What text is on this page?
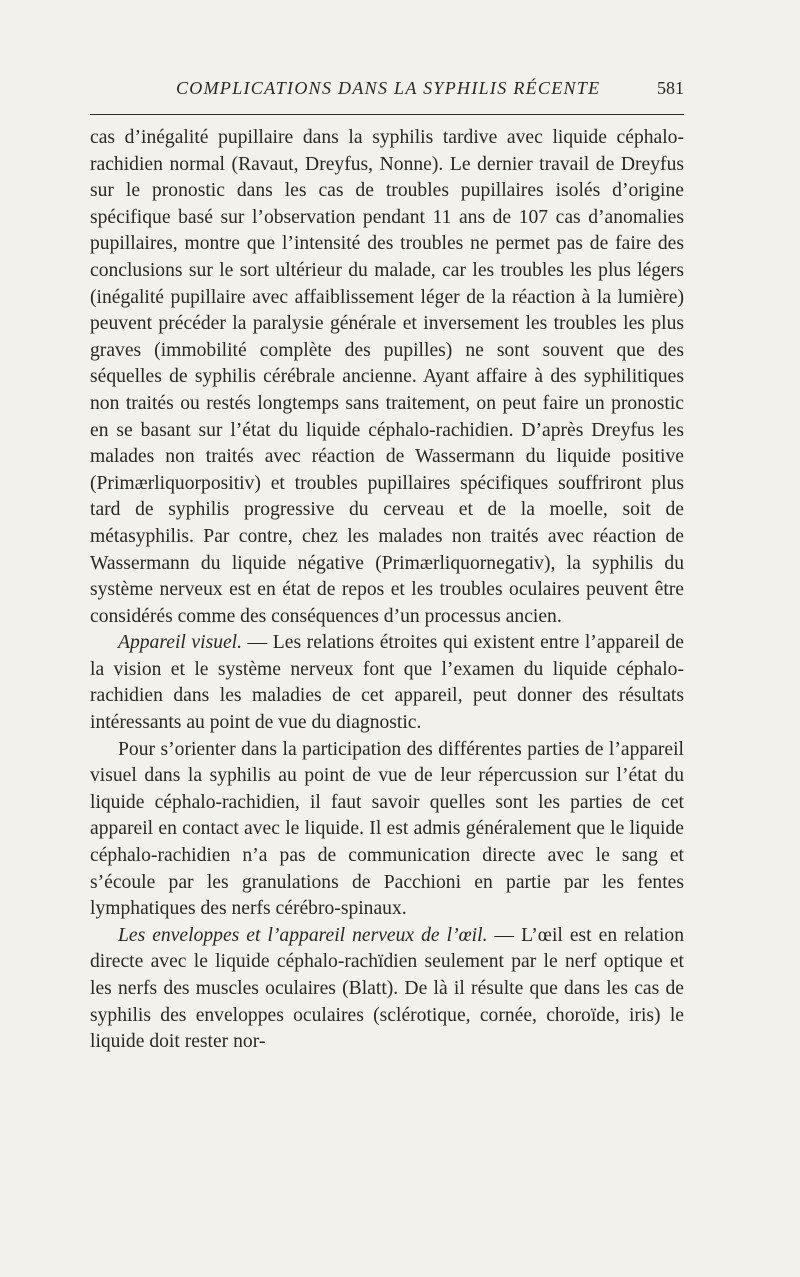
COMPLICATIONS DANS LA SYPHILIS RÉCENTE	581

cas d’inégalité pupillaire dans la syphilis tardive avec liquide céphalo-rachidien normal (Ravaut, Dreyfus, Nonne). Le dernier travail de Dreyfus sur le pronostic dans les cas de troubles pupillaires isolés d’origine spécifique basé sur l’observation pendant 11 ans de 107 cas d’anomalies pupillaires, montre que l’intensité des troubles ne permet pas de faire des conclusions sur le sort ultérieur du malade, car les troubles les plus légers (inégalité pupillaire avec affaiblissement léger de la réaction à la lumière) peuvent précéder la paralysie générale et inversement les troubles les plus graves (immobilité complète des pupilles) ne sont souvent que des séquelles de syphilis cérébrale ancienne. Ayant affaire à des syphilitiques non traités ou restés longtemps sans traitement, on peut faire un pronostic en se basant sur l’état du liquide céphalo-rachidien. D’après Dreyfus les malades non traités avec réaction de Wassermann du liquide positive (Primærliquorpositiv) et troubles pupillaires spécifiques souffriront plus tard de syphilis progressive du cerveau et de la moelle, soit de métasyphilis. Par contre, chez les malades non traités avec réaction de Wassermann du liquide négative (Primærliquornegativ), la syphilis du système nerveux est en état de repos et les troubles oculaires peuvent être considérés comme des conséquences d’un processus ancien.

Appareil visuel. — Les relations étroites qui existent entre l’appareil de la vision et le système nerveux font que l’examen du liquide céphalo-rachidien dans les maladies de cet appareil, peut donner des résultats intéressants au point de vue du diagnostic.

Pour s’orienter dans la participation des différentes parties de l’appareil visuel dans la syphilis au point de vue de leur répercussion sur l’état du liquide céphalo-rachidien, il faut savoir quelles sont les parties de cet appareil en contact avec le liquide. Il est admis généralement que le liquide céphalo-rachidien n’a pas de communication directe avec le sang et s’écoule par les granulations de Pacchioni en partie par les fentes lymphatiques des nerfs cérébro-spinaux.

Les enveloppes et l’appareil nerveux de l’œil. — L’œil est en relation directe avec le liquide céphalo-rachïdien seulement par le nerf optique et les nerfs des muscles oculaires (Blatt). De là il résulte que dans les cas de syphilis des enveloppes oculaires (sclérotique, cornée, choroïde, iris) le liquide doit rester nor-
